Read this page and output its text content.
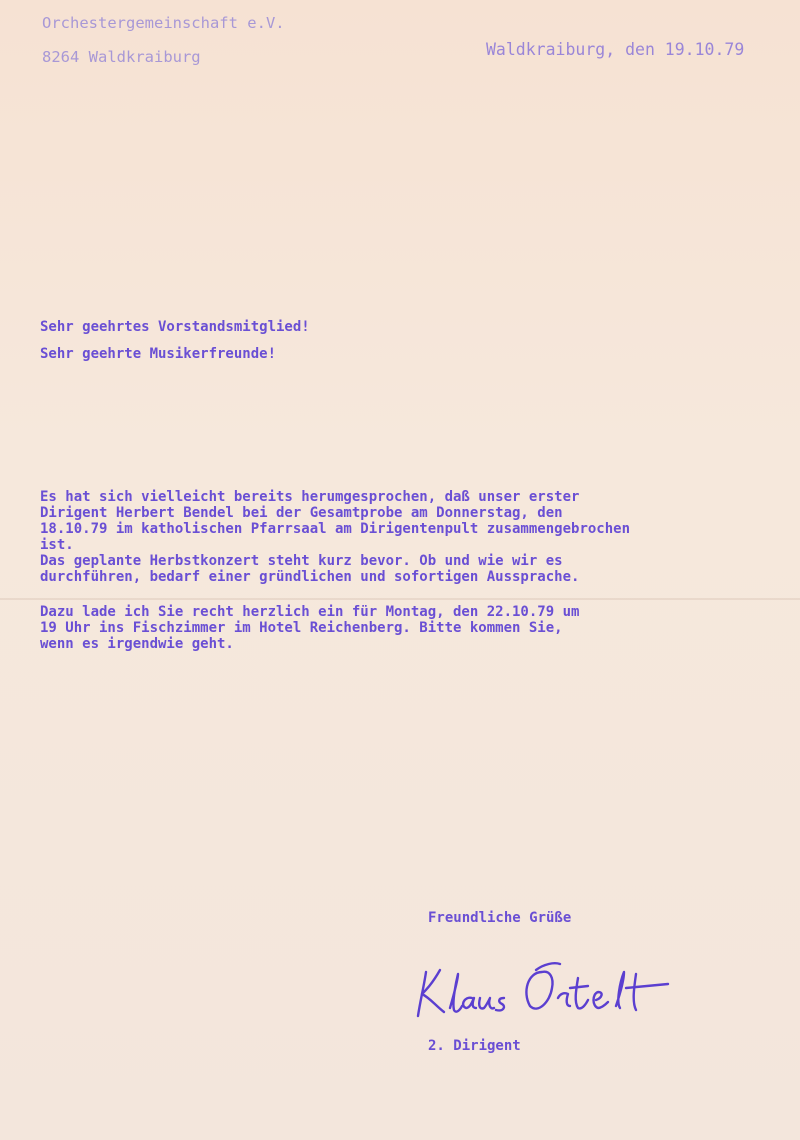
Orchestergemeinschaft e.V.
8264 Waldkraiburg	Waldkraiburg, den 19.10.79
Sehr geehrtes Vorstandsmitglied!
Sehr geehrte Musikerfreunde!

Es hat sich vielleicht bereits herumgesprochen, daß unser erster
Dirigent Herbert Bendel bei der Gesamtprobe am Donnerstag, den
18.10.79 im katholischen Pfarrsaal am Dirigentenpult zusammengebrochen
ist.

Das geplante Herbstkonzert steht kurz bevor. Ob und wie wir es
durchführen, bedarf einer gründlichen und sofortigen Aussprache.

Dazu lade ich Sie recht herzlich ein für Montag, den 22.10.79 um
19 Uhr ins Fischzimmer im Hotel Reichenberg. Bitte kommen Sie,
wenn es irgendwie geht.

Freundliche Grüße
2. Dirigent
